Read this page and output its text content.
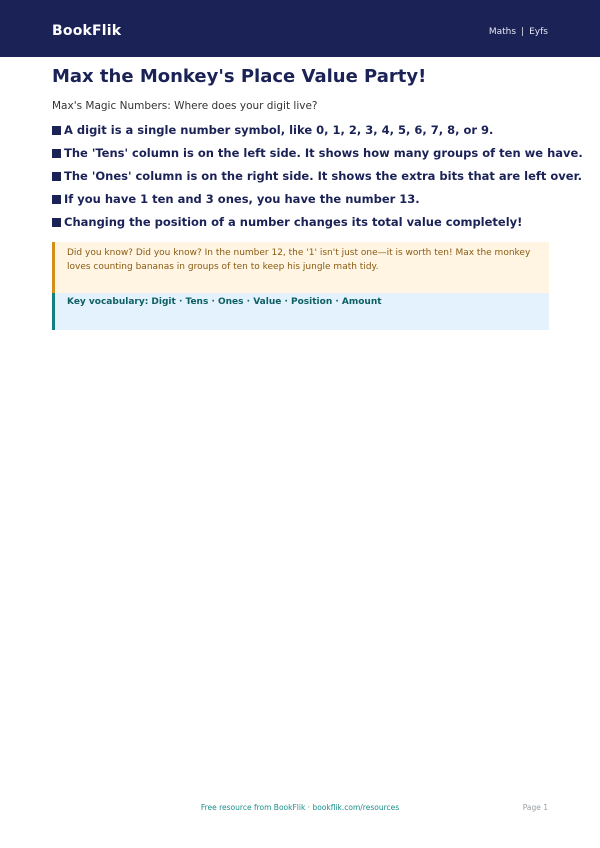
BookFlik	Maths | Eyfs
Max the Monkey's Place Value Party!

Max's Magic Numbers: Where does your digit live?

A digit is a single number symbol, like 0, 1, 2, 3, 4, 5, 6, 7, 8, or 9.
The 'Tens' column is on the left side. It shows how many groups of ten we have.
The 'Ones' column is on the right side. It shows the extra bits that are left over.
If you have 1 ten and 3 ones, you have the number 13.
Changing the position of a number changes its total value completely!
Did you know? Did you know? In the number 12, the '1' isn't just one—it is worth ten! Max the monkey loves counting bananas in groups of ten to keep his jungle math tidy.
Key vocabulary: Digit · Tens · Ones · Value · Position · Amount
Free resource from BookFlik · bookflik.com/resources	Page 1
